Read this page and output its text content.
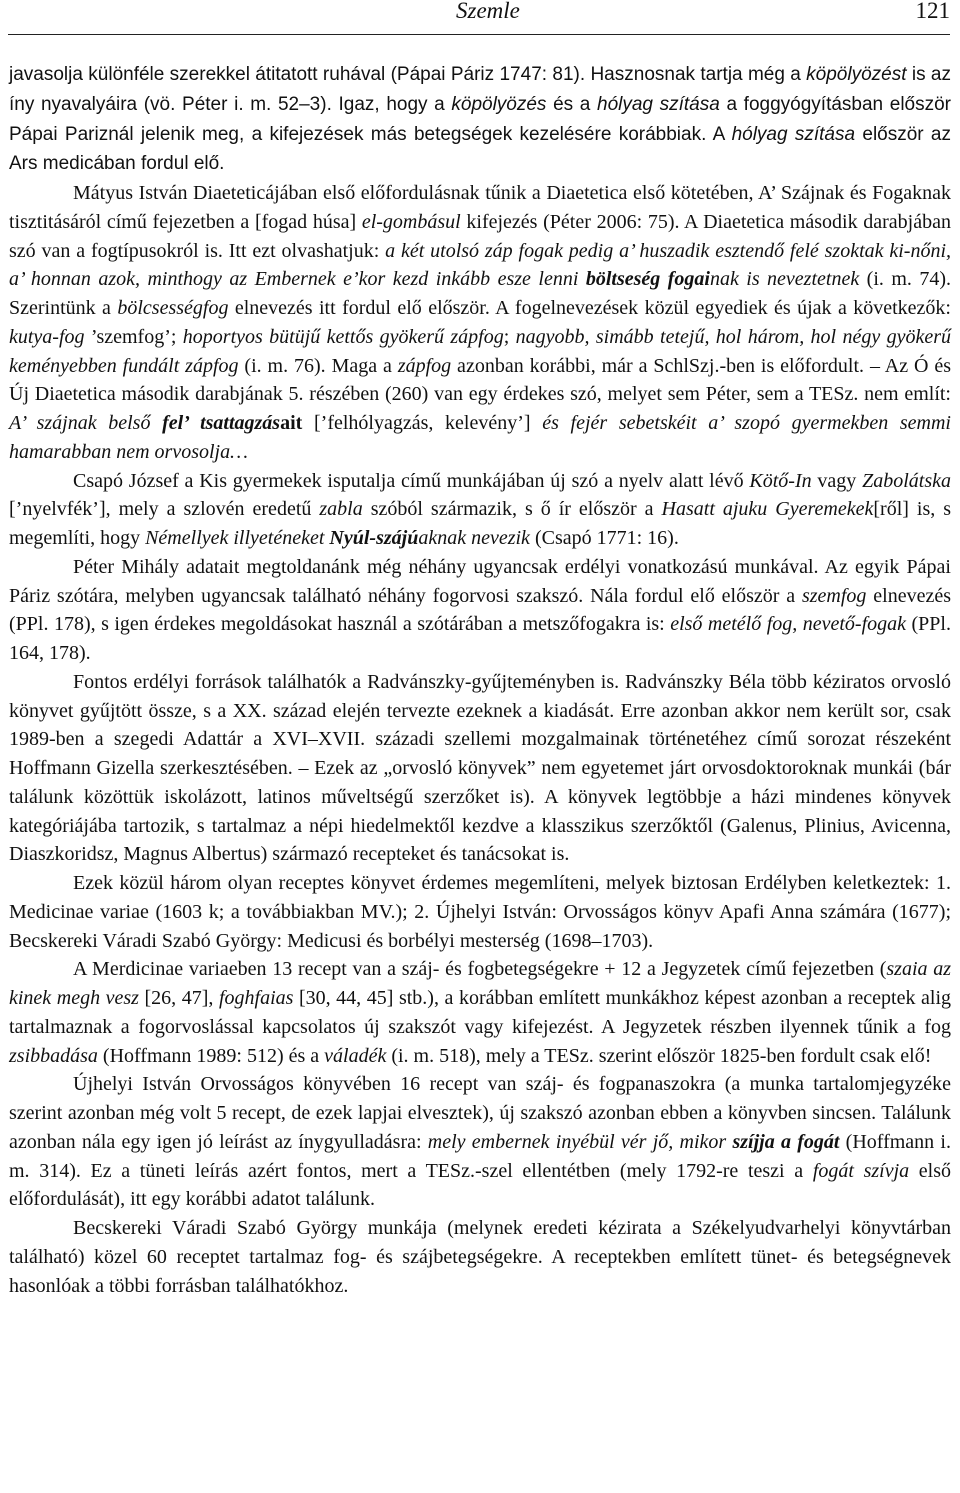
Szemle	121

javasolja különféle szerekkel átitatott ruhával (Pápai Páriz 1747: 81). Hasznosnak tartja még a köpölyözést is az íny nyavalyáira (vö. Péter i. m. 52–3). Igaz, hogy a köpölyözés és a hólyag szítása a foggyógyításban először Pápai Pariznál jelenik meg, a kifejezések más betegségek kezelésére korábbiak. A hólyag szítása először az Ars medicában fordul elő.

Mátyus István Diaeteticájában első előfordulásnak tűnik a Diaetetica első kötetében, A’ Szájnak és Fogaknak tisztitásáról című fejezetben a [fogad húsa] el-gombásul kifejezés (Péter 2006: 75). A Diaetetica második darabjában szó van a fogtípusokról is. Itt ezt olvashatjuk: a két utolsó záp fogak pedig a’ huszadik esztendő felé szoktak ki-nőni, a’ honnan azok, minthogy az Embernek e’kor kezd inkább esze lenni böltseség fogainak is neveztetnek (i. m. 74). Szerintünk a bölcsességfog elnevezés itt fordul elő először. A fogelnevezések közül egyediek és újak a következők: kutya-fog ’szemfog’; hoportyos bütüjű kettős gyökerű zápfog; nagyobb, simább tetejű, hol három, hol négy gyökerű keményebben fundált zápfog (i. m. 76). Maga a zápfog azonban korábbi, már a SchlSzj.-ben is előfordult. – Az Ó és Új Diaetetica második darabjának 5. részében (260) van egy érdekes szó, melyet sem Péter, sem a TESz. nem említ: A’ szájnak belső fel’ tsattagzásait [’felhólyagzás, kelevény’] és fejér sebetskéit a’ szopó gyermekben semmi hamarabban nem orvosolja…

Csapó József a Kis gyermekek isputalja című munkájában új szó a nyelv alatt lévő Kötő-In vagy Zabolátska [’nyelvfék’], mely a szlovén eredetű zabla szóból származik, s ő ír először a Hasatt ajuku Gyeremekek[ről] is, s megemlíti, hogy Némellyek illyeténeket Nyúl-szájúaknak nevezik (Csapó 1771: 16).

Péter Mihály adatait megtoldanánk még néhány ugyancsak erdélyi vonatkozású munkával. Az egyik Pápai Páriz szótára, melyben ugyancsak található néhány fogorvosi szakszó. Nála fordul elő először a szemfog elnevezés (PPl. 178), s igen érdekes megoldásokat használ a szótárában a metszőfogakra is: első metélő fog, nevető-fogak (PPl. 164, 178).

Fontos erdélyi források találhatók a Radvánszky-gyűjteményben is. Radvánszky Béla több kéziratos orvosló könyvet gyűjtött össze, s a XX. század elején tervezte ezeknek a kiadását. Erre azonban akkor nem került sor, csak 1989-ben a szegedi Adattár a XVI–XVII. századi szellemi mozgalmainak történetéhez című sorozat részeként Hoffmann Gizella szerkesztésében. – Ezek az „orvosló könyvek” nem egyetemet járt orvosdoktoroknak munkái (bár találunk közöttük iskolázott, latinos műveltségű szerzőket is). A könyvek legtöbbje a házi mindenes könyvek kategóriájába tartozik, s tartalmaz a népi hiedelmektől kezdve a klasszikus szerzőktől (Galenus, Plinius, Avicenna, Diaszkoridsz, Magnus Albertus) származó recepteket és tanácsokat is.

Ezek közül három olyan receptes könyvet érdemes megemlíteni, melyek biztosan Erdélyben keletkeztek: 1. Medicinae variae (1603 k; a továbbiakban MV.); 2. Újhelyi István: Orvosságos könyv Apafi Anna számára (1677); Becskereki Váradi Szabó György: Medicusi és borbélyi mesterség (1698–1703).

A Merdicinae variaeben 13 recept van a száj- és fogbetegségekre + 12 a Jegyzetek című fejezetben (szaia az kinek megh vesz [26, 47], foghfaias [30, 44, 45] stb.), a korábban említett munkákhoz képest azonban a receptek alig tartalmaznak a fogorvoslással kapcsolatos új szakszót vagy kifejezést. A Jegyzetek részben ilyennek tűnik a fog zsibbadása (Hoffmann 1989: 512) és a váladék (i. m. 518), mely a TESz. szerint először 1825-ben fordult csak elő!

Újhelyi István Orvosságos könyvében 16 recept van száj- és fogpanaszokra (a munka tartalomjegyzéke szerint azonban még volt 5 recept, de ezek lapjai elvesztek), új szakszó azonban ebben a könyvben sincsen. Találunk azonban nála egy igen jó leírást az ínygyulladásra: mely embernek inyébül vér jő, mikor szíjja a fogát (Hoffmann i. m. 314). Ez a tüneti leírás azért fontos, mert a TESz.-szel ellentétben (mely 1792-re teszi a fogát szívja első előfordulását), itt egy korábbi adatot találunk.

Becskereki Váradi Szabó György munkája (melynek eredeti kézirata a Székelyudvarhelyi könyvtárban található) közel 60 receptet tartalmaz fog- és szájbetegségekre. A receptekben említett tünet- és betegségnevek hasonlóak a többi forrásban találhatókhoz.
